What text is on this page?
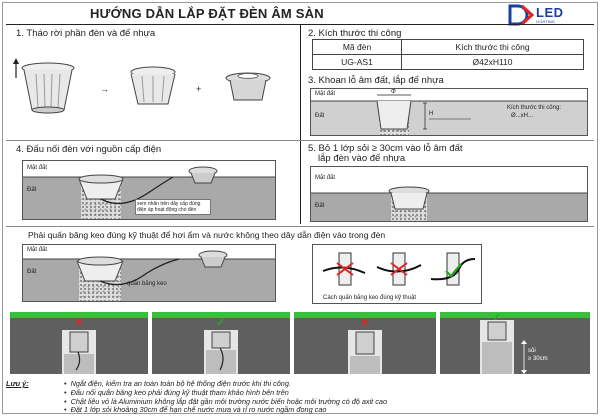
HƯỚNG DẪN LẮP ĐẶT ĐÈN ÂM SÀN	LED
LIGHTING
1. Tháo rời phần đèn và đế nhựa
→	+
2. Kích thước thi công
Mã đèn	Kích thước thi công
UG-AS1	Ø42xH110
3. Khoan lỗ âm đất, lắp đế nhựa
Mặt đất
Đất
Φ
H
Kích thước thi công:
Ø...xH...
4. Đấu nối đèn với nguồn cấp điện
xem nhãn trên dây cấp đúng điện áp hoạt động cho đèn
Mặt đất
Đất
5. Bỏ 1 lớp sỏi ≥ 30cm vào lỗ âm đất
lắp đèn vào đế nhựa
Mặt đất
Đất
Phải quấn băng keo đúng kỹ thuật để hơi ẩm và nước không theo dây dẫn điện vào trong đèn
Mặt đất
Đất
quấn băng keo
Cách quấn băng keo đúng kỹ thuật
✕	✓	✕	✓
sỏi
≥ 30cm
Lưu ý:	• Ngắt điện, kiểm tra an toàn toàn bộ hệ thống điện trước khi thi công.
• Đấu nối quấn băng keo phải đúng kỹ thuật tham khảo hình bên trên
• Chất liệu vỏ là Aluminium không lắp đặt gần môi trường nước biển hoặc môi trường có độ axit cao
• Đặt 1 lớp sỏi khoảng 30cm để hạn chế nước mưa và rỉ ro nước ngầm đọng cao
